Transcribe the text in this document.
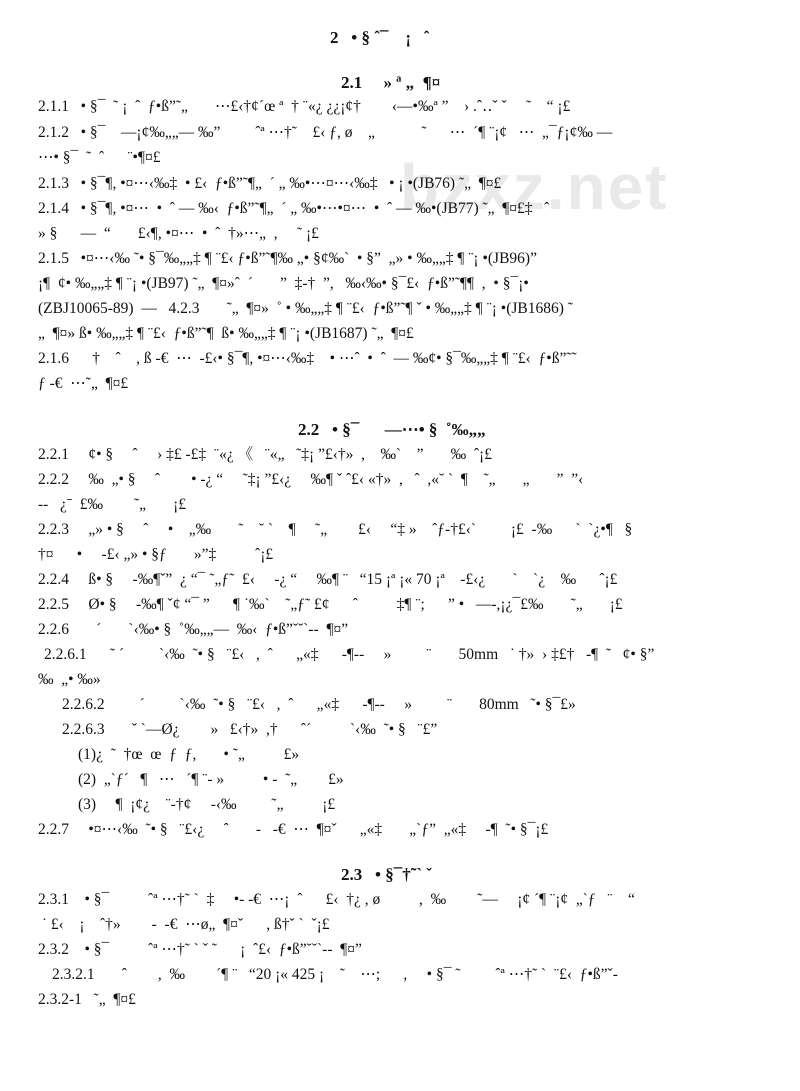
bzxz.net
2   • § ˆ¯    ¡   ˆ
2.1     » ª „  ¶¤
2.1.1   • §¯  ˜ ¡  ˆ  ƒ•ß”˜„       ⋯£‹†¢´œ ª  † ¨«¿ ¿¿¡¢†        ‹—•‰ª ”    › .ˆ‥ˇ ˇ     ˜    “ ¡£
2.1.2   • §¯    —¡¢‰„„— ‰”         ˆª ⋯†˜    £‹ ƒ, ø    „            ˜      ⋯  ´¶ ¨¡¢   ⋯  „¯ƒ¡¢‰ —
⋯• §¯  ˜  ˆ      ¨•¶¤£
2.1.3   • §¯¶, •¤⋯‹‰‡  • £‹  ƒ•ß”˜¶„  ´ „ ‰•⋯¤⋯‹‰‡   • ¡ •(JB76) ˜„  ¶¤£
2.1.4   • §¯¶, •¤⋯  •  ˆ — ‰‹  ƒ•ß”˜¶„  ´ „ ‰•⋯•¤⋯  •  ˆ — ‰•(JB77) ˜„  ¶¤£‡   ˆ
» §      —  “       £‹¶, •¤⋯  •  ˆ  †»⋯„  ,     ˜ ¡£
2.1.5   •¤⋯‹‰ ˜• §¯‰„„‡ ¶ ¨£‹ ƒ•ß”˜¶‰ „• §¢‰`  • §”  „» • ‰„„‡ ¶ ¨¡ •(JB96)”
¡¶  ¢• ‰„„‡ ¶ ¨¡ •(JB97) ˜„  ¶¤»ˆ  ´       ”  ‡‑†  ”,   ‰‹‰• §¯£‹  ƒ•ß”˜¶¶  ,  • §¯¡•
(ZBJ10065-89)  —   4.2.3       ˜„  ¶¤»  ˚ • ‰„„‡ ¶ ¨£‹  ƒ•ß”˜¶ ˇ • ‰„„‡ ¶ ¨¡ •(JB1686) ˜
„  ¶¤» ß• ‰„„‡ ¶ ¨£‹  ƒ•ß”˜¶  ß• ‰„„‡ ¶ ¨¡ •(JB1687) ˜„  ¶¤£
2.1.6      †    ˆ    , ß ‑€  ⋯  ‑£‹• §¯¶, •¤⋯‹‰‡    • ⋯ˆ  •  ˆ  — ‰¢• §¯‰„„‡ ¶ ¨£‹  ƒ•ß”˜˜
ƒ ‑€  ⋯˜„  ¶¤£
2.2   • §¯      —⋯• §  ˚‰„„
2.2.1     ¢• §     ˆ     › ‡£ ‑£‡  ¨«¿ 《   ¨«„   ˜‡¡ ”£‹†»  ,    ‰`    ”       ‰  ˆ¡£
2.2.2     ‰  „• §     ˆ        • ‑¿ “     ˜‡¡ ”£‹¿     ‰¶ ˇ ˆ£‹ «†»  ,   ˆ  ,«˘ ˋ  ¶    ˜„       „       ”  ”‹
‑‑   ¿ˉ  £‰        ˜„       ¡£
2.2.3     „» • §     ˆ     •    „‰       ˜    ˘ ˋ    ¶     ˜„        £‹     “‡ »    ˆƒ‑†£‹ˋ         ¡£  ‑‰      ˋ  ˋ¿•¶   §
†¤      •     ‑£‹ „» • §ƒ       »”‡          ˆ¡£
2.2.4     ß• §     ‑‰¶ˇ”  ¿ “¯ ˜„ƒ˜  £‹     ‑¿ “     ‰¶ ¨   “15 ¡ª ¡« 70 ¡ª    ‑£‹¿       ˋ    ˋ¿    ‰      ˆ¡£
2.2.5     Ø• §     ‑‰¶ ˇ¢ “¯ ”      ¶ ˙‰`    ˜„ƒ˜ £¢      ˆ          ‡¶ ¨;      ” •   —‑,¡¿¯£‰       ˜„       ¡£
2.2.6       ´       ˋ‹‰• §  ˚‰„„—  ‰‹  ƒ•ß”˘˘ˋ‑‑  ¶¤”
2.2.6.1      ˜ ´         ˋ‹‰  ˜• §   ¨£‹   ,  ˆ      „«‡      ‑¶‑‑     »         ¨       50mm   ˙ †»  › ‡£†   ‑¶  ˜   ¢• §”
‰  „• ‰»
2.2.6.2         ´         ˋ‹‰  ˜• §   ¨£‹   ,  ˆ      „«‡      ‑¶‑‑     »         ¨       80mm   ˜• §¯£»
2.2.6.3       ˇ ˋ—Ø¿        »   £‹†»  ,†      ˆ´          ˋ‹‰  ˜• §   ¨£”
(1)¿  ˜  †œ  œ  ƒ  ƒ,       • ˜„          £»
(2)  „ˋƒ´   ¶   ⋯   ´¶ ¨‑ »          • ‑  ˜„        £»
(3)     ¶  ¡¢¿    ¨‑†¢     ‑‹‰         ˜„          ¡£
2.2.7     •¤⋯‹‰  ˜• §   ¨£‹¿     ˆ       ‑   ‑€  ⋯  ¶¤ˇ      „«‡       „ˋƒ”  „«‡     ‑¶  ˜• §¯¡£
2.3   • §¯†˜ˋ ˇ
2.3.1    • §¯          ˆª ⋯†˜ ˋ  ‡     •‑ ‑€  ⋯¡  ˆ      £‹  †¿ , ø          ,  ‰        ˜—     ¡¢ ´¶ ¨¡¢  „ˋƒ   ¨    “
˙ £‹    ¡    ˆ†»        ‑  ‑€  ⋯ø„  ¶¤ˇ      , ß†ˇ ˋ  ˇ¡£
2.3.2    • §¯          ˆª ⋯†˜ ˋ ˇ ˜      ¡  ˆ£‹  ƒ•ß”˘˘ˋ‑‑  ¶¤”
2.3.2.1       ˆ        ,  ‰        ´¶ ¨   “20 ¡« 425 ¡    ˜    ⋯;      ,     • §¯ ˜         ˆª ⋯†˜ ˋ  ¨£‹  ƒ•ß”ˇ‑
2.3.2-1   ˜„  ¶¤£
